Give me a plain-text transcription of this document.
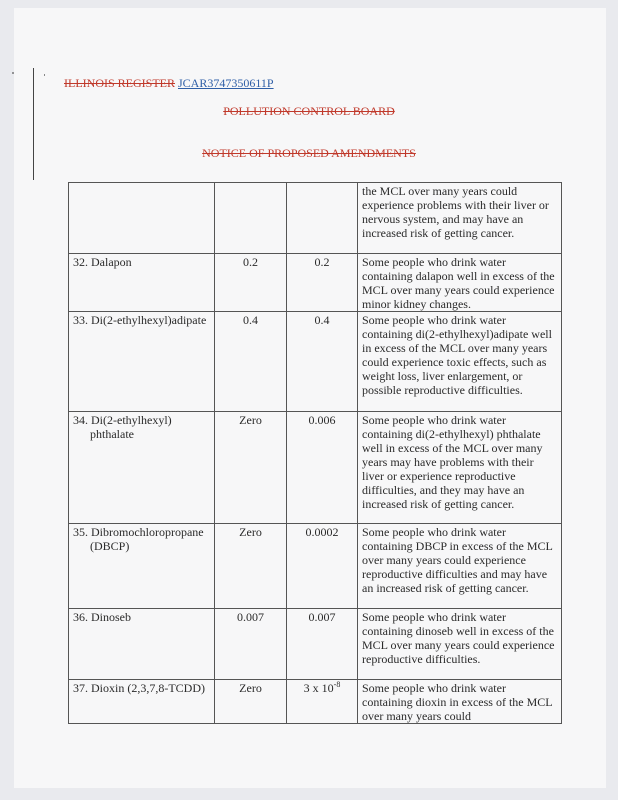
ILLINOIS REGISTER JCAR3747350611P
POLLUTION CONTROL BOARD
NOTICE OF PROPOSED AMENDMENTS
			the MCL over many years could experience problems with their liver or nervous system, and may have an increased risk of getting cancer.

32. Dalapon	0.2	0.2	Some people who drink water containing dalapon well in excess of the MCL over many years could experience minor kidney changes.

33. Di(2-ethylhexyl)adipate	0.4	0.4	Some people who drink water containing di(2-ethylhexyl)adipate well in excess of the MCL over many years could experience toxic effects, such as weight loss, liver enlargement, or possible reproductive difficulties.

34. Di(2-ethylhexyl)
phthalate	Zero	0.006	Some people who drink water containing di(2-ethylhexyl) phthalate well in excess of the MCL over many years may have problems with their liver or experience reproductive difficulties, and they may have an increased risk of getting cancer.

35. Dibromochloropropane
(DBCP)	Zero	0.0002	Some people who drink water containing DBCP in excess of the MCL over many years could experience reproductive difficulties and may have an increased risk of getting cancer.

36. Dinoseb	0.007	0.007	Some people who drink water containing dinoseb well in excess of the MCL over many years could experience reproductive difficulties.

37. Dioxin (2,3,7,8-TCDD)	Zero	3 x $10^{-8}$	Some people who drink water containing dioxin in excess of the MCL over many years could
